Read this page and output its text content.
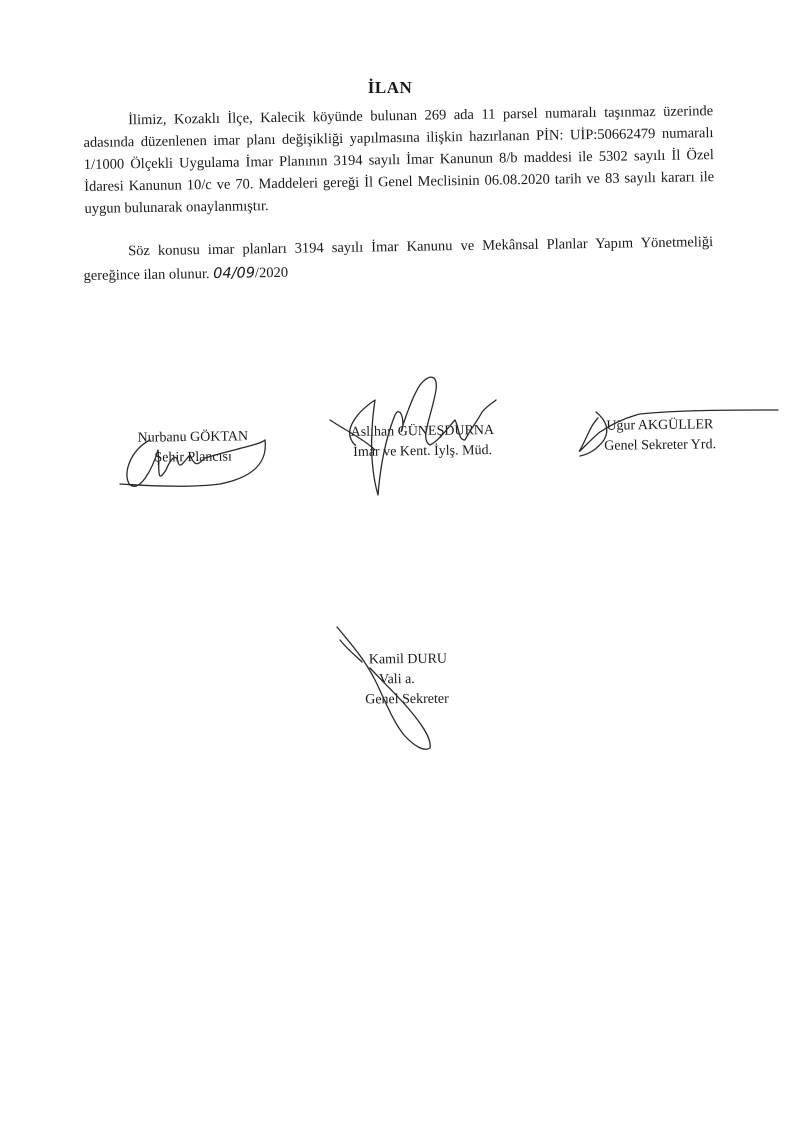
İLAN
İlimiz, Kozaklı İlçe, Kalecik köyünde bulunan 269 ada 11 parsel numaralı taşınmaz üzerinde adasında düzenlenen imar planı değişikliği yapılmasına ilişkin hazırlanan PİN: UİP:50662479 numaralı 1/1000 Ölçekli Uygulama İmar Planının 3194 sayılı İmar Kanunun 8/b maddesi ile 5302 sayılı İl Özel İdaresi Kanunun 10/c ve 70. Maddeleri gereği İl Genel Meclisinin 06.08.2020 tarih ve 83 sayılı kararı ile uygun bulunarak onaylanmıştır.
Söz konusu imar planları 3194 sayılı İmar Kanunu ve Mekânsal Planlar Yapım Yönetmeliği gereğince ilan olunur. 04/09/2020
Nurbanu GÖKTAN
Şehir Plancısı
Aslıhan GÜNEŞDURNA
İmar ve Kent. İylş. Müd.
Uğur AKGÜLLER
Genel Sekreter Yrd.
Kamil DURU
Vali a.
Genel Sekreter
